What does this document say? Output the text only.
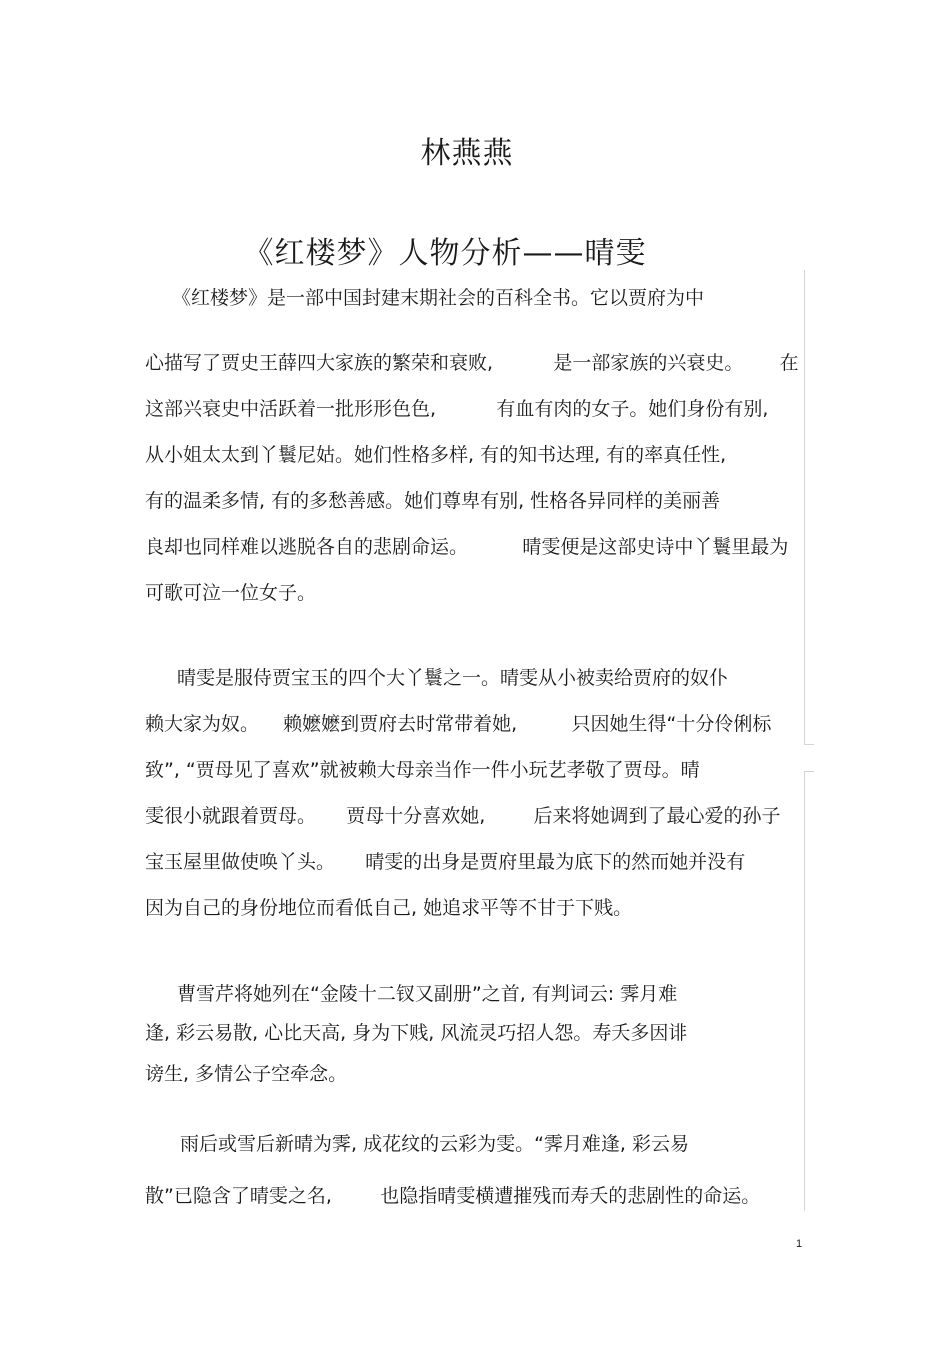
林燕燕
《红楼梦》人物分析——晴雯
《红楼梦》是一部中国封建末期社会的百科全书。它以贾府为中
心描写了贾史王薛四大家族的繁荣和衰败,          是一部家族的兴衰史。      在
这部兴衰史中活跃着一批形形色色,          有血有肉的女子。她们身份有别,
从小姐太太到丫鬟尼姑。她们性格多样, 有的知书达理, 有的率真任性,
有的温柔多情, 有的多愁善感。她们尊卑有别, 性格各异同样的美丽善
良却也同样难以逃脱各自的悲剧命运。         晴雯便是这部史诗中丫鬟里最为
可歌可泣一位女子。
晴雯是服侍贾宝玉的四个大丫鬟之一。晴雯从小被卖给贾府的奴仆
赖大家为奴。    赖嬷嬷到贾府去时常带着她,         只因她生得“十分伶俐标
致”, “贾母见了喜欢”就被赖大母亲当作一件小玩艺孝敬了贾母。晴
雯很小就跟着贾母。     贾母十分喜欢她,        后来将她调到了最心爱的孙子
宝玉屋里做使唤丫头。     晴雯的出身是贾府里最为底下的然而她并没有
因为自己的身份地位而看低自己, 她追求平等不甘于下贱。
曹雪芹将她列在“金陵十二钗又副册”之首, 有判词云: 霁月难
逢, 彩云易散, 心比天高, 身为下贱, 风流灵巧招人怨。寿夭多因诽
谤生, 多情公子空牵念。
雨后或雪后新晴为霁, 成花纹的云彩为雯。“霁月难逢, 彩云易
散”已隐含了晴雯之名,        也隐指晴雯横遭摧残而寿夭的悲剧性的命运。
1
